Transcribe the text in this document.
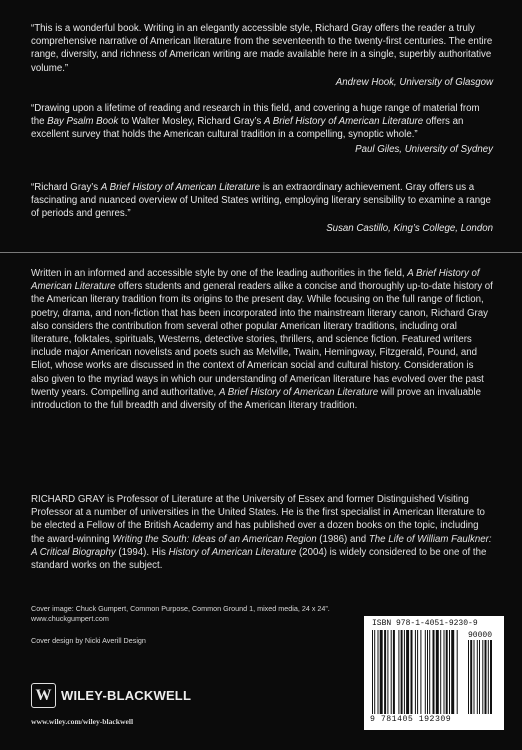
“This is a wonderful book. Writing in an elegantly accessible style, Richard Gray offers the reader a truly comprehensive narrative of American literature from the seventeenth to the twenty-first centuries. The entire range, diversity, and richness of American writing are made available here in a single, superbly authoritative volume.”

Andrew Hook, University of Glasgow

“Drawing upon a lifetime of reading and research in this field, and covering a huge range of material from the Bay Psalm Book to Walter Mosley, Richard Gray’s A Brief History of American Literature offers an excellent survey that holds the American cultural tradition in a compelling, synoptic whole.”

Paul Giles, University of Sydney

“Richard Gray’s A Brief History of American Literature is an extraordinary achievement. Gray offers us a fascinating and nuanced overview of United States writing, employing literary sensibility to examine a range of periods and genres.”

Susan Castillo, King’s College, London

Written in an informed and accessible style by one of the leading authorities in the field, A Brief History of American Literature offers students and general readers alike a concise and thoroughly up-to-date history of the American literary tradition from its origins to the present day. While focusing on the full range of fiction, poetry, drama, and non-fiction that has been incorporated into the mainstream literary canon, Richard Gray also considers the contribution from several other popular American literary traditions, including oral literature, folktales, spirituals, Westerns, detective stories, thrillers, and science fiction. Featured writers include major American novelists and poets such as Melville, Twain, Hemingway, Fitzgerald, Pound, and Eliot, whose works are discussed in the context of American social and cultural history. Consideration is also given to the myriad ways in which our understanding of American literature has evolved over the past twenty years. Compelling and authoritative, A Brief History of American Literature will prove an invaluable introduction to the full breadth and diversity of the American literary tradition.

RICHARD GRAY is Professor of Literature at the University of Essex and former Distinguished Visiting Professor at a number of universities in the United States. He is the first specialist in American literature to be elected a Fellow of the British Academy and has published over a dozen books on the topic, including the award-winning Writing the South: Ideas of an American Region (1986) and The Life of William Faulkner: A Critical Biography (1994). His History of American Literature (2004) is widely considered to be one of the standard works on the subject.

Cover image: Chuck Gumpert, Common Purpose, Common Ground 1, mixed media, 24 x 24”. www.chuckgumpert.com
Cover design by Nicki Averill Design
W WILEY-BLACKWELL
www.wiley.com/wiley-blackwell
ISBN 978-1-4051-9230-9
90000
9 781405 192309
